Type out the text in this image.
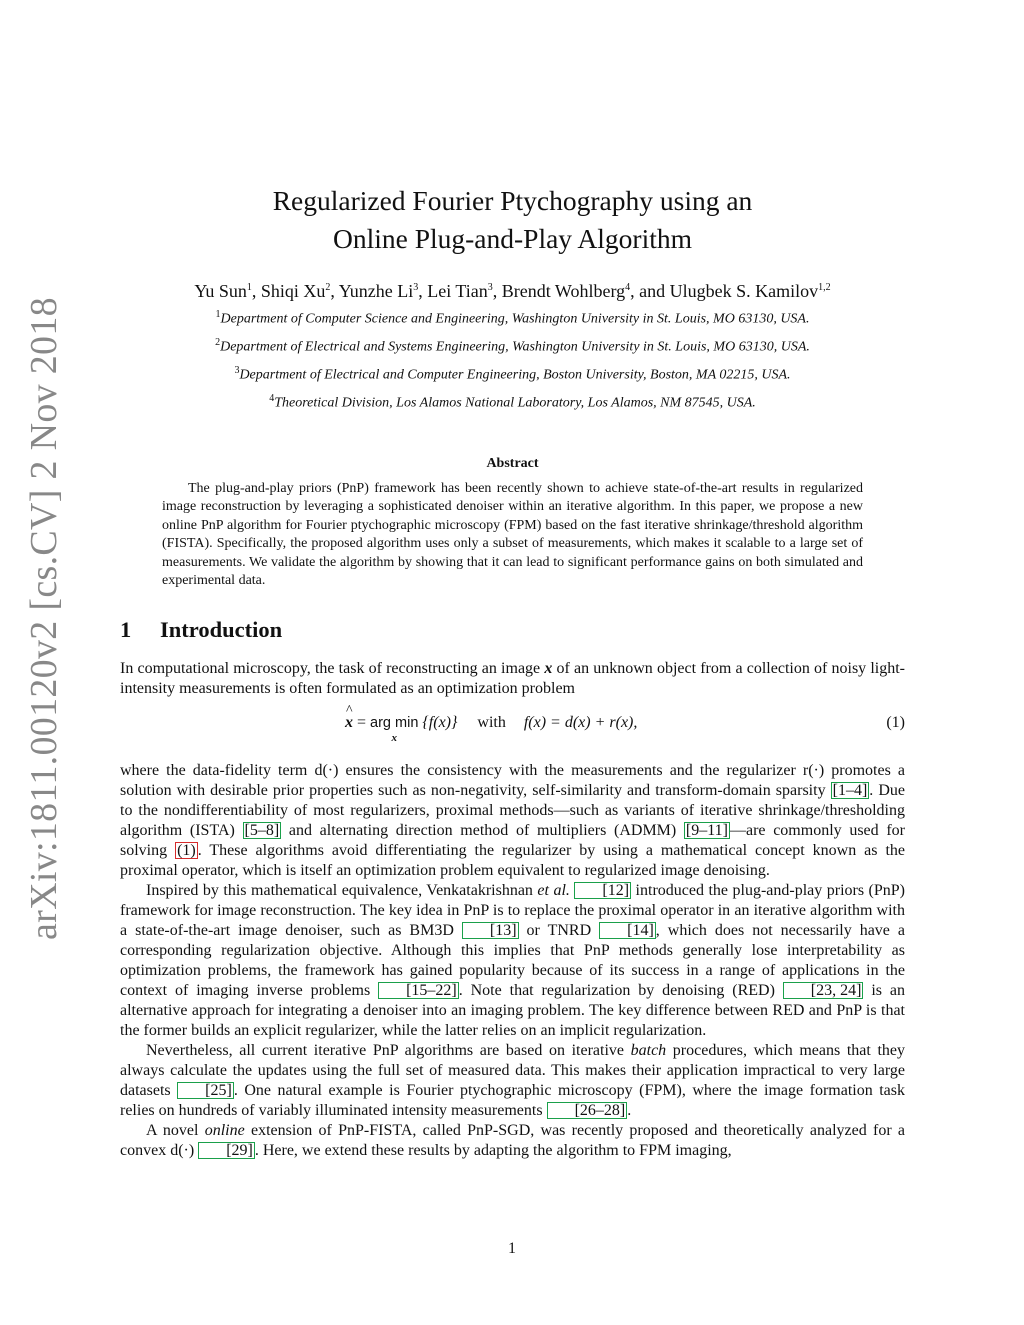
arXiv:1811.00120v2 [cs.CV] 2 Nov 2018
Regularized Fourier Ptychography using an
Online Plug-and-Play Algorithm
Yu Sun$^1$, Shiqi Xu$^2$, Yunzhe Li$^3$, Lei Tian$^3$, Brendt Wohlberg$^4$, and Ulugbek S. Kamilov$^{1,2}$
$^1$Department of Computer Science and Engineering, Washington University in St. Louis, MO 63130, USA.
$^2$Department of Electrical and Systems Engineering, Washington University in St. Louis, MO 63130, USA.
$^3$Department of Electrical and Computer Engineering, Boston University, Boston, MA 02215, USA.
$^4$Theoretical Division, Los Alamos National Laboratory, Los Alamos, NM 87545, USA.
Abstract

The plug-and-play priors (PnP) framework has been recently shown to achieve state-of-the-art results in regularized image reconstruction by leveraging a sophisticated denoiser within an iterative algorithm. In this paper, we propose a new online PnP algorithm for Fourier ptychographic microscopy (FPM) based on the fast iterative shrinkage/threshold algorithm (FISTA). Specifically, the proposed algorithm uses only a subset of measurements, which makes it scalable to a large set of measurements. We validate the algorithm by showing that it can lead to significant performance gains on both simulated and experimental data.

1 Introduction

In computational microscopy, the task of reconstructing an image x of an unknown object from a collection of noisy light-intensity measurements is often formulated as an optimization problem

^ x = arg min
x
{f(x)} with f(x) = d(x) + r(x),	(1)

where the data-fidelity term d(·) ensures the consistency with the measurements and the regularizer r(·) promotes a solution with desirable prior properties such as non-negativity, self-similarity and transform-domain sparsity [1–4] . Due to the nondifferentiability of most regularizers, proximal methods—such as variants of iterative shrinkage/thresholding algorithm (ISTA) [5–8] and alternating direction method of multipliers (ADMM) [9–11] —are commonly used for solving (1) . These algorithms avoid differentiating the regularizer by using a mathematical concept known as the proximal operator, which is itself an optimization problem equivalent to regularized image denoising.

Inspired by this mathematical equivalence, Venkatakrishnan et al. [12] introduced the plug-and-play priors (PnP) framework for image reconstruction. The key idea in PnP is to replace the proximal operator in an iterative algorithm with a state-of-the-art image denoiser, such as BM3D [13] or TNRD [14] , which does not necessarily have a corresponding regularization objective. Although this implies that PnP methods generally lose interpretability as optimization problems, the framework has gained popularity because of its success in a range of applications in the context of imaging inverse problems [15–22] . Note that regularization by denoising (RED) [23, 24] is an alternative approach for integrating a denoiser into an imaging problem. The key difference between RED and PnP is that the former builds an explicit regularizer, while the latter relies on an implicit regularization.

Nevertheless, all current iterative PnP algorithms are based on iterative batch procedures, which means that they always calculate the updates using the full set of measured data. This makes their application impractical to very large datasets [25] . One natural example is Fourier ptychographic microscopy (FPM), where the image formation task relies on hundreds of variably illuminated intensity measurements [26–28] .

A novel online extension of PnP-FISTA, called PnP-SGD, was recently proposed and theoretically analyzed for a convex d(·) [29] . Here, we extend these results by adapting the algorithm to FPM imaging,

1
